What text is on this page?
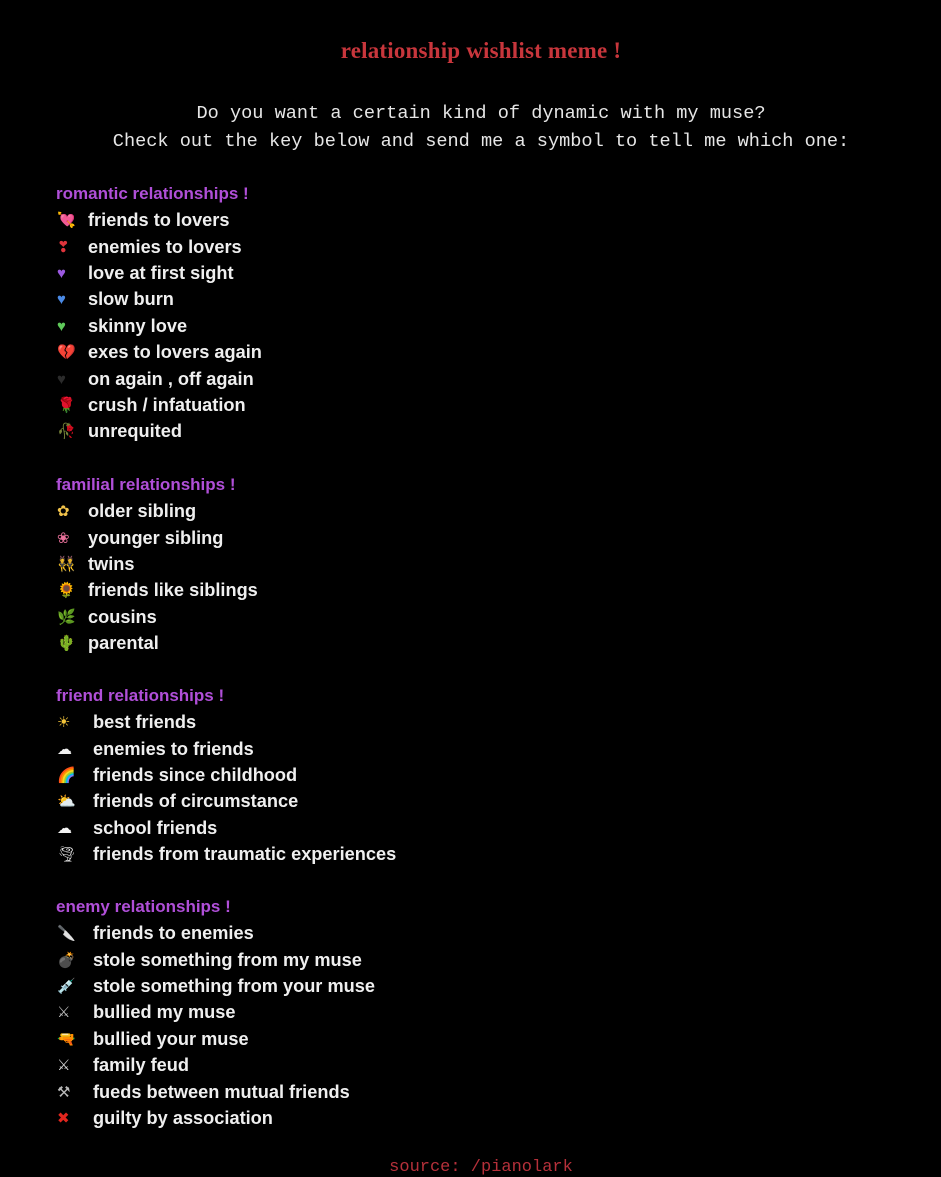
relationship wishlist meme !
Do you want a certain kind of dynamic with my muse?
Check out the key below and send me a symbol to tell me which one:
romantic relationships !
💘 friends to lovers
❣	enemies to lovers
♥	love at first sight
♥	slow burn
♥	skinny love
💔 exes to lovers again
♥	on again , off again
🌹 crush / infatuation
🥀 unrequited
familial relationships !
✿	older sibling
❀	younger sibling
👯 twins
🌻 friends like siblings
🌿 cousins
🌵 parental
friend relationships !
☀	best friends
☁	enemies to friends
🌈 friends since childhood
⛅ friends of circumstance
☁	school friends
🌪 friends from traumatic experiences
enemy relationships !
🔪 friends to enemies
💣 stole something from my muse
💉 stole something from your muse
⚔	bullied my muse
🔫 bullied your muse
⚔	family feud
⚒	fueds between mutual friends
✖	guilty by association
source: /pianolark
